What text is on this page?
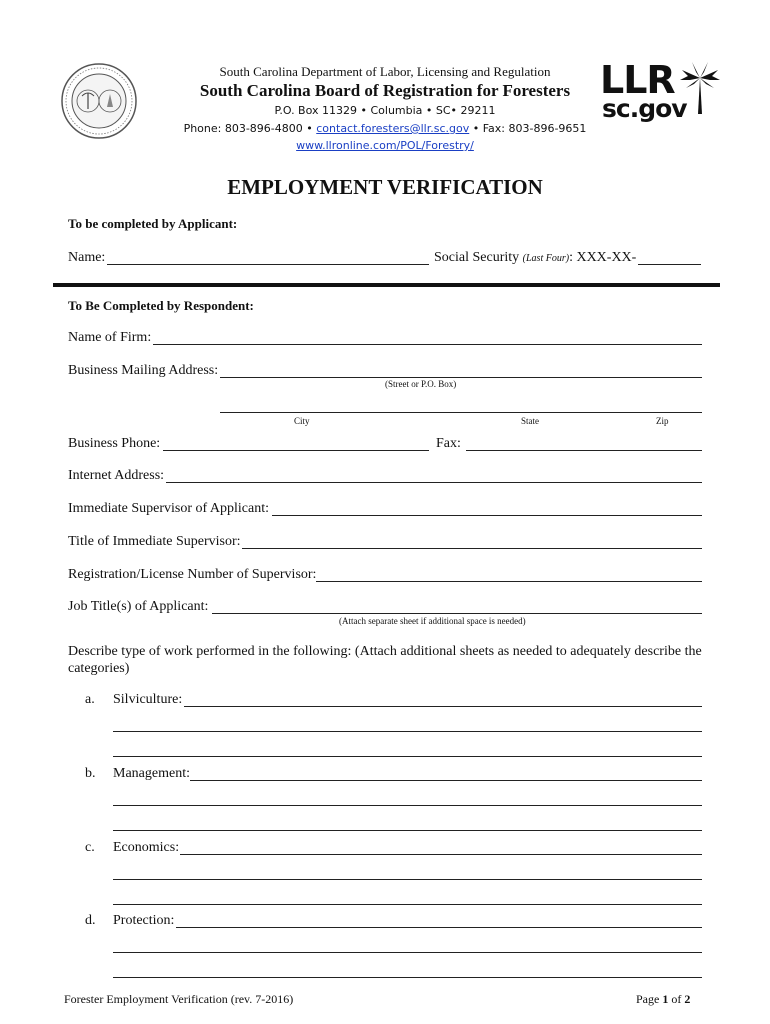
South Carolina Department of Labor, Licensing and Regulation
South Carolina Board of Registration for Foresters
P.O. Box 11329 • Columbia • SC• 29211
Phone: 803-896-4800 • contact.foresters@llr.sc.gov • Fax: 803-896-9651
www.llronline.com/POL/Forestry/
LLR
sc.gov
EMPLOYMENT VERIFICATION
To be completed by Applicant:
Name:	Social Security (Last Four): XXX-XX-
To Be Completed by Respondent:
Name of Firm:
Business Mailing Address:
(Street or P.O. Box)
City	State	Zip
Business Phone:	Fax:
Internet Address:
Immediate Supervisor of Applicant:
Title of Immediate Supervisor:
Registration/License Number of Supervisor:
Job Title(s) of Applicant:
(Attach separate sheet if additional space is needed)
Describe type of work performed in the following: (Attach additional sheets as needed to adequately describe the categories)
a. Silviculture:
b. Management:
c. Economics:
d. Protection:
Forester Employment Verification (rev. 7-2016)	Page 1 of 2
